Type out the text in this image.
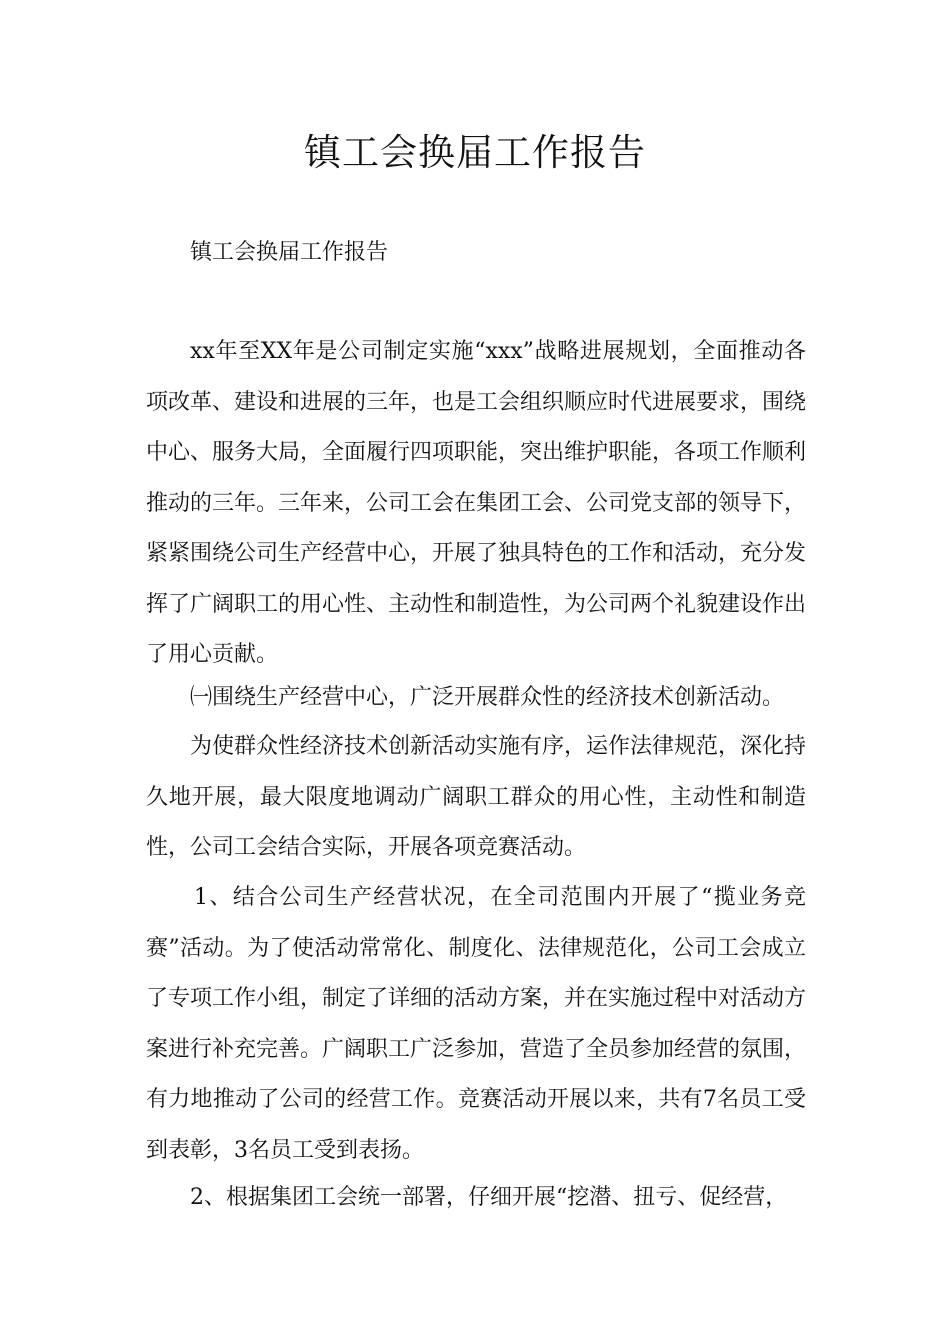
镇工会换届工作报告

镇工会换届工作报告

xx年至XX年是公司制定实施“xxx”战略进展规划，全面推动各项改革、建设和进展的三年，也是工会组织顺应时代进展要求，围绕中心、服务大局，全面履行四项职能，突出维护职能，各项工作顺利推动的三年。三年来，公司工会在集团工会、公司党支部的领导下，紧紧围绕公司生产经营中心，开展了独具特色的工作和活动，充分发挥了广阔职工的用心性、主动性和制造性，为公司两个礼貌建设作出了用心贡献。

㈠围绕生产经营中心，广泛开展群众性的经济技术创新活动。

为使群众性经济技术创新活动实施有序，运作法律规范，深化持久地开展，最大限度地调动广阔职工群众的用心性，主动性和制造性，公司工会结合实际，开展各项竞赛活动。

1、结合公司生产经营状况，在全司范围内开展了“揽业务竞赛”活动。为了使活动常常化、制度化、法律规范化，公司工会成立了专项工作小组，制定了详细的活动方案，并在实施过程中对活动方案进行补充完善。广阔职工广泛参加，营造了全员参加经营的氛围，有力地推动了公司的经营工作。竞赛活动开展以来，共有7名员工受到表彰，3名员工受到表扬。

2、根据集团工会统一部署，仔细开展“挖潜、扭亏、促经营，
